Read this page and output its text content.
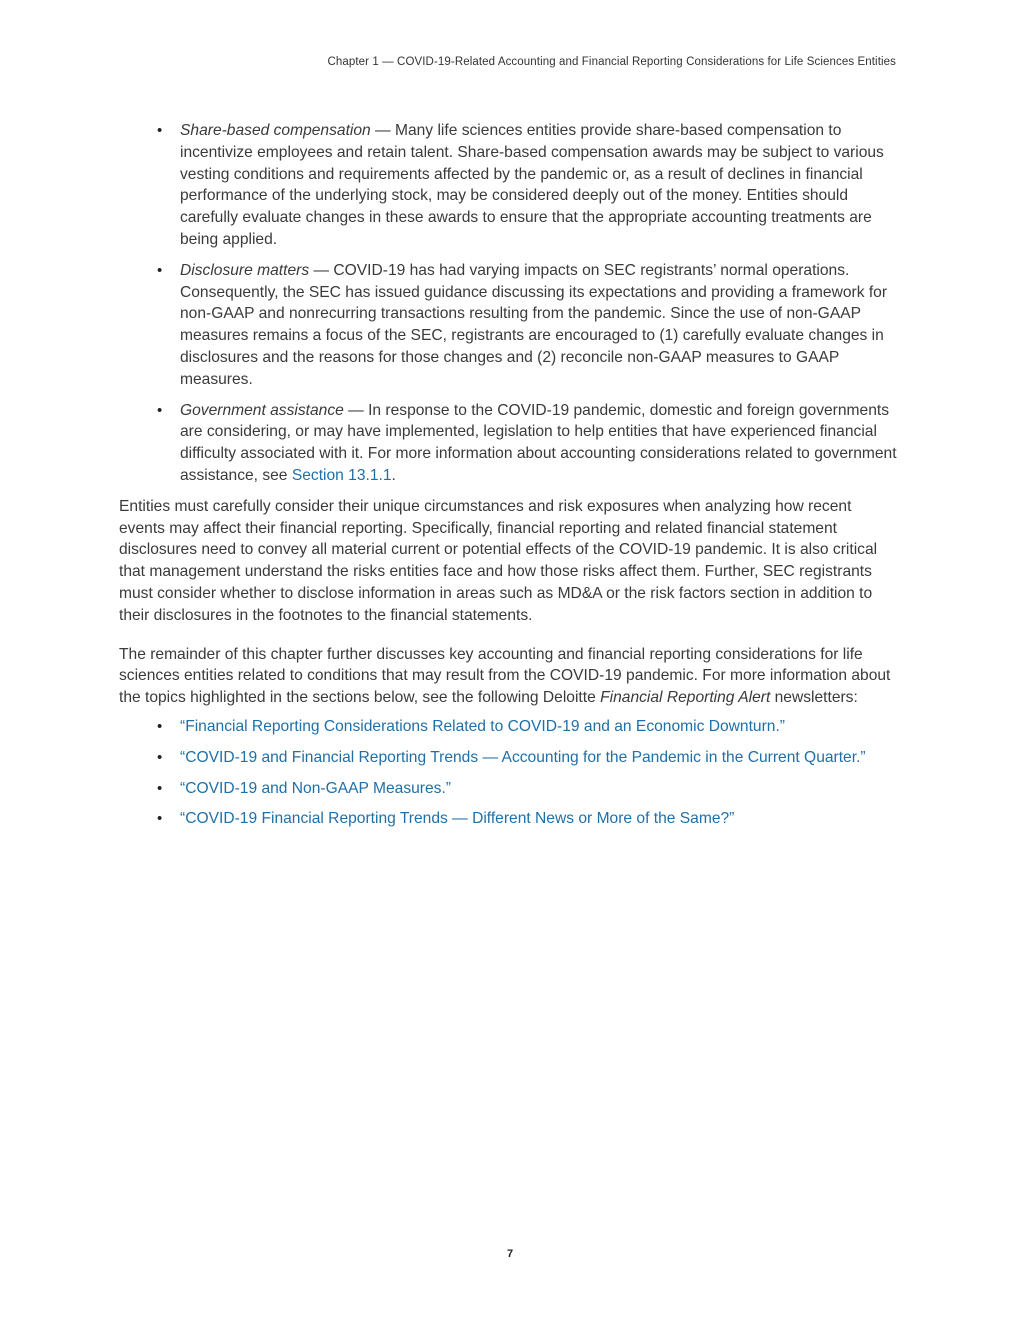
Chapter 1 — COVID-19-Related Accounting and Financial Reporting Considerations for Life Sciences Entities
• Share-based compensation — Many life sciences entities provide share-based compensation to incentivize employees and retain talent. Share-based compensation awards may be subject to various vesting conditions and requirements affected by the pandemic or, as a result of declines in financial performance of the underlying stock, may be considered deeply out of the money. Entities should carefully evaluate changes in these awards to ensure that the appropriate accounting treatments are being applied.
• Disclosure matters — COVID-19 has had varying impacts on SEC registrants’ normal operations. Consequently, the SEC has issued guidance discussing its expectations and providing a framework for non-GAAP and nonrecurring transactions resulting from the pandemic. Since the use of non-GAAP measures remains a focus of the SEC, registrants are encouraged to (1) carefully evaluate changes in disclosures and the reasons for those changes and (2) reconcile non-GAAP measures to GAAP measures.
• Government assistance — In response to the COVID-19 pandemic, domestic and foreign governments are considering, or may have implemented, legislation to help entities that have experienced financial difficulty associated with it. For more information about accounting considerations related to government assistance, see Section 13.1.1.

Entities must carefully consider their unique circumstances and risk exposures when analyzing how recent events may affect their financial reporting. Specifically, financial reporting and related financial statement disclosures need to convey all material current or potential effects of the COVID-19 pandemic. It is also critical that management understand the risks entities face and how those risks affect them. Further, SEC registrants must consider whether to disclose information in areas such as MD&A or the risk factors section in addition to their disclosures in the footnotes to the financial statements.

The remainder of this chapter further discusses key accounting and financial reporting considerations for life sciences entities related to conditions that may result from the COVID-19 pandemic. For more information about the topics highlighted in the sections below, see the following Deloitte Financial Reporting Alert newsletters:

• “Financial Reporting Considerations Related to COVID-19 and an Economic Downturn.”
• “COVID-19 and Financial Reporting Trends — Accounting for the Pandemic in the Current Quarter.”
• “COVID-19 and Non-GAAP Measures.”
• “COVID-19 Financial Reporting Trends — Different News or More of the Same?”
7
